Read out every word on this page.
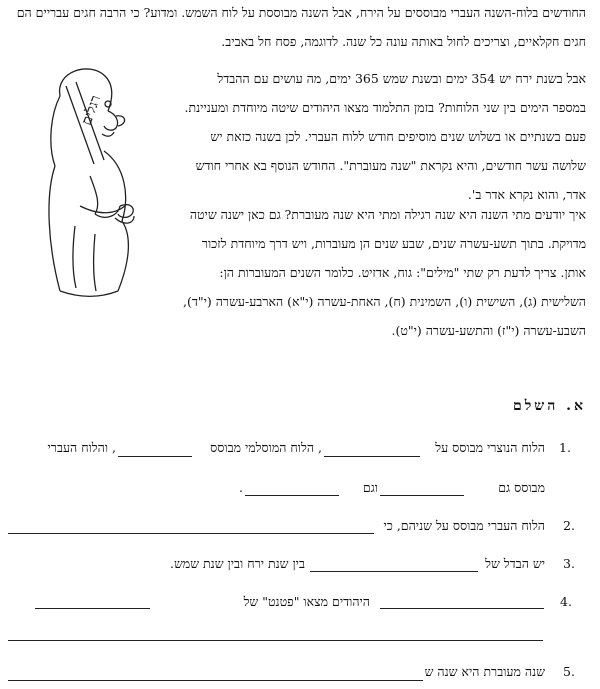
החודשים בלוח-השנה העברי מבוססים על הירח, אבל השנה מבוססת על לוח השמש. ומדוע? כי הרבה חגים עבריים הם חגים חקלאיים, וצריכים לחול באותה עונה כל שנה. לדוגמה, פסח חל באביב.
אבל בשנת ירח יש 354 ימים ובשנת שמש 365 ימים, מה עושים עם ההבדל במספר הימים בין שני הלוחות? בזמן התלמוד מצאו היהודים שיטה מיוחדת ומעניינת. פעם בשנתיים או בשלוש שנים מוסיפים חודש ללוח העברי. לכן בשנה כזאת יש שלושה עשר חודשים, והיא נקראת "שנה מעוברת". החודש הנוסף בא אחרי חודש אדר, והוא נקרא אדר ב'.
איך יודעים מתי השנה היא שנה רגילה ומתי היא שנה מעוברת? גם כאן ישנה שיטה מדויקת. בתוך תשע-עשרה שנים, שבע שנים הן מעוברות, ויש דרך מיוחדת לזכור אותן. צריך לדעת רק שתי "מילים": גוח, אדזיט. כלומר השנים המעוברות הן: השלישית (ג), השישית (ו), השמינית (ח), האחת-עשרה (י"א) הארבע-עשרה (י"ד), השבע-עשרה (י"ז) והתשע-עשרה (י"ט).
רגלים
א. השלם
1.
הלוח הנוצרי מבוסס על
, הלוח המוסלמי מבוסס
, והלוח העברי
מבוסס גם
וגם
.
2.
הלוח העברי מבוסס על שניהם, כי
3.
יש הבדל של
בין שנת ירח ובין שנת שמש.
4.
היהודים מצאו "פטנט" של
5.
שנה מעוברת היא שנה ש
